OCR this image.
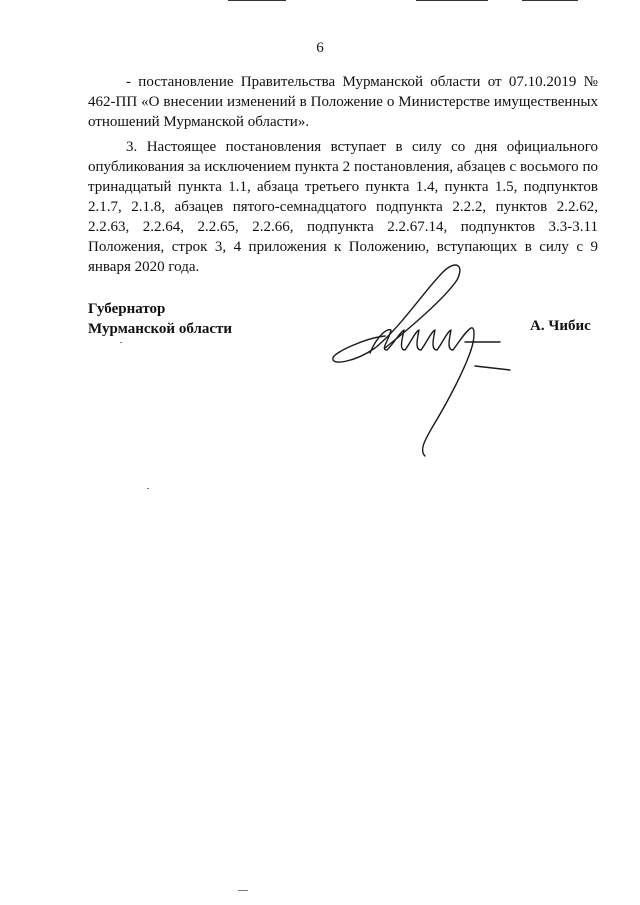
6

- постановление Правительства Мурманской области от 07.10.2019 № 462-ПП «О внесении изменений в Положение о Министерстве имущественных отношений Мурманской области».

3. Настоящее постановления вступает в силу со дня официального опубликования за исключением пункта 2 постановления, абзацев с восьмого по тринадцатый пункта 1.1, абзаца третьего пункта 1.4, пункта 1.5, подпунктов 2.1.7, 2.1.8, абзацев пятого-семнадцатого подпункта 2.2.2, пунктов 2.2.62, 2.2.63, 2.2.64, 2.2.65, 2.2.66, подпункта 2.2.67.14, подпунктов 3.3-3.11 Положения, строк 3, 4 приложения к Положению, вступающих в силу с 9 января 2020 года.

Губернатор
Мурманской области	А. Чибис
